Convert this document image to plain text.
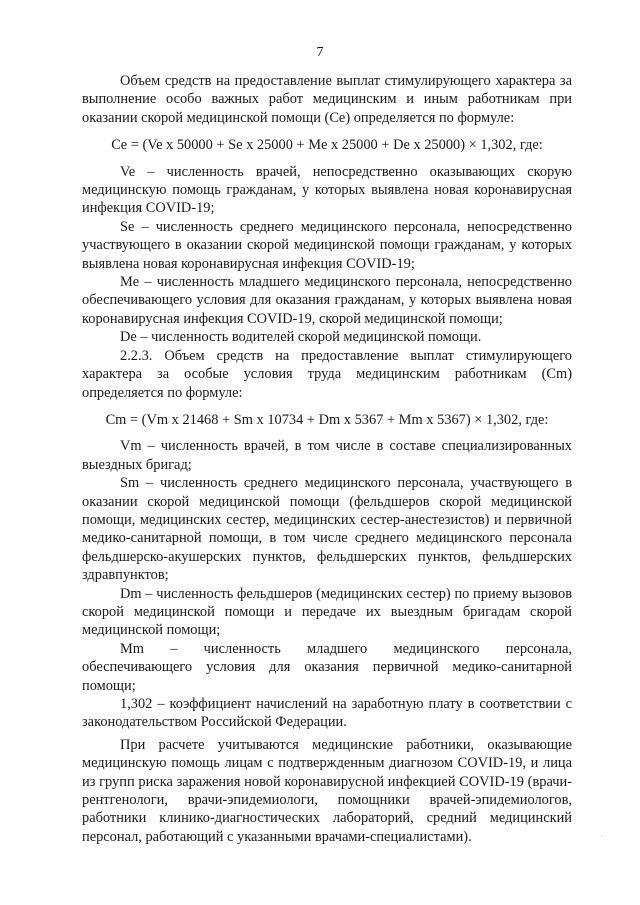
7

Объем средств на предоставление выплат стимулирующего характера за выполнение особо важных работ медицинским и иным работникам при оказании скорой медицинской помощи (Ce) определяется по формуле:

Ce = (Ve x 50000 + Se x 25000 + Me x 25000 + De x 25000) × 1,302, где:

Ve – численность врачей, непосредственно оказывающих скорую медицинскую помощь гражданам, у которых выявлена новая коронавирусная инфекция COVID-19;

Se – численность среднего медицинского персонала, непосредственно участвующего в оказании скорой медицинской помощи гражданам, у которых выявлена новая коронавирусная инфекция COVID-19;

Me – численность младшего медицинского персонала, непосредственно обеспечивающего условия для оказания гражданам, у которых выявлена новая коронавирусная инфекция COVID-19, скорой медицинской помощи;

De – численность водителей скорой медицинской помощи.

2.2.3. Объем средств на предоставление выплат стимулирующего характера за особые условия труда медицинским работникам (Cm) определяется по формуле:

Cm = (Vm x 21468 + Sm x 10734 + Dm x 5367 + Mm x 5367) × 1,302, где:

Vm – численность врачей, в том числе в составе специализированных выездных бригад;

Sm – численность среднего медицинского персонала, участвующего в оказании скорой медицинской помощи (фельдшеров скорой медицинской помощи, медицинских сестер, медицинских сестер-анестезистов) и первичной медико-санитарной помощи, в том числе среднего медицинского персонала фельдшерско-акушерских пунктов, фельдшерских пунктов, фельдшерских здравпунктов;

Dm – численность фельдшеров (медицинских сестер) по приему вызовов скорой медицинской помощи и передаче их выездным бригадам скорой медицинской помощи;

Mm – численность младшего медицинского персонала, обеспечивающего условия для оказания первичной медико-санитарной помощи;

1,302 – коэффициент начислений на заработную плату в соответствии с законодательством Российской Федерации.

При расчете учитываются медицинские работники, оказывающие медицинскую помощь лицам с подтвержденным диагнозом COVID-19, и лица из групп риска заражения новой коронавирусной инфекцией COVID-19 (врачи-рентгенологи, врачи-эпидемиологи, помощники врачей-эпидемиологов, работники клинико-диагностических лабораторий, средний медицинский персонал, работающий с указанными врачами-специалистами).	·
